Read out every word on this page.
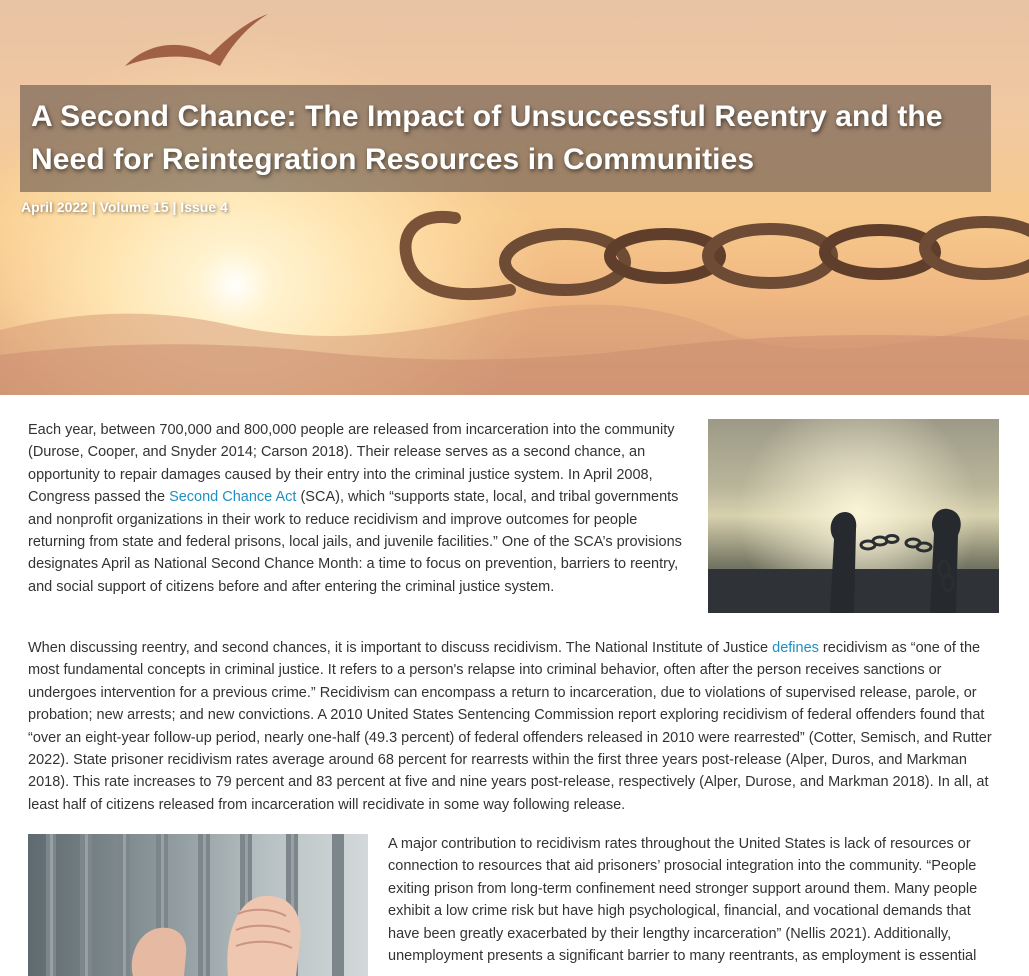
A Second Chance: The Impact of Unsuccessful Reentry and the Need for Reintegration Resources in Communities
April 2022 | Volume 15 | Issue 4

Each year, between 700,000 and 800,000 people are released from incarceration into the community (Durose, Cooper, and Snyder 2014; Carson 2018). Their release serves as a second chance, an opportunity to repair damages caused by their entry into the criminal justice system. In April 2008, Congress passed the Second Chance Act (SCA), which “supports state, local, and tribal governments and nonprofit organizations in their work to reduce recidivism and improve outcomes for people returning from state and federal prisons, local jails, and juvenile facilities.” One of the SCA’s provisions designates April as National Second Chance Month: a time to focus on prevention, barriers to reentry, and social support of citizens before and after entering the criminal justice system.

When discussing reentry, and second chances, it is important to discuss recidivism. The National Institute of Justice defines recidivism as “one of the most fundamental concepts in criminal justice. It refers to a person's relapse into criminal behavior, often after the person receives sanctions or undergoes intervention for a previous crime.” Recidivism can encompass a return to incarceration, due to violations of supervised release, parole, or probation; new arrests; and new convictions. A 2010 United States Sentencing Commission report exploring recidivism of federal offenders found that “over an eight-year follow-up period, nearly one-half (49.3 percent) of federal offenders released in 2010 were rearrested” (Cotter, Semisch, and Rutter 2022). State prisoner recidivism rates average around 68 percent for rearrests within the first three years post-release (Alper, Duros, and Markman 2018). This rate increases to 79 percent and 83 percent at five and nine years post-release, respectively (Alper, Durose, and Markman 2018). In all, at least half of citizens released from incarceration will recidivate in some way following release.

A major contribution to recidivism rates throughout the United States is lack of resources or connection to resources that aid prisoners’ prosocial integration into the community. “People exiting prison from long-term confinement need stronger support around them. Many people exhibit a low crime risk but have high psychological, financial, and vocational demands that have been greatly exacerbated by their lengthy incarceration” (Nellis 2021). Additionally, unemployment presents a significant barrier to many reentrants, as employment is essential
